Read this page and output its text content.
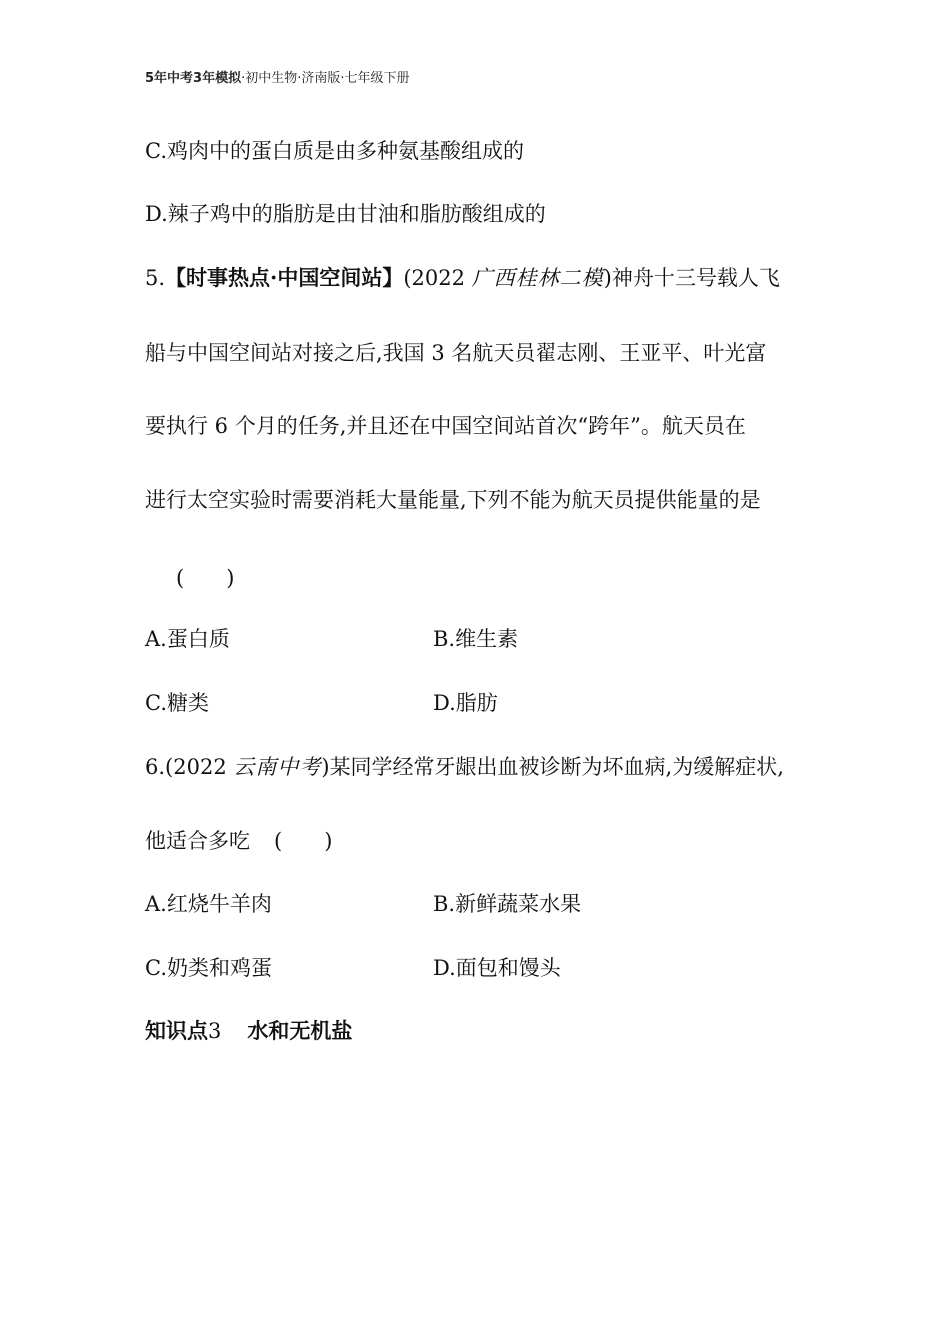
5年中考3年模拟·初中生物·济南版·七年级下册
C.鸡肉中的蛋白质是由多种氨基酸组成的
D.辣子鸡中的脂肪是由甘油和脂肪酸组成的
5.【时事热点·中国空间站】(2022 广西桂林二模)神舟十三号载人飞
船与中国空间站对接之后,我国 3 名航天员翟志刚、王亚平、叶光富
要执行 6 个月的任务,并且还在中国空间站首次“跨年”。航天员在
进行太空实验时需要消耗大量能量,下列不能为航天员提供能量的是
(　　)
A.蛋白质	B.维生素
C.糖类	D.脂肪
6.(2022 云南中考)某同学经常牙龈出血被诊断为坏血病,为缓解症状,
他适合多吃 (　　)
A.红烧牛羊肉	B.新鲜蔬菜水果
C.奶类和鸡蛋	D.面包和馒头
知识点3 水和无机盐
